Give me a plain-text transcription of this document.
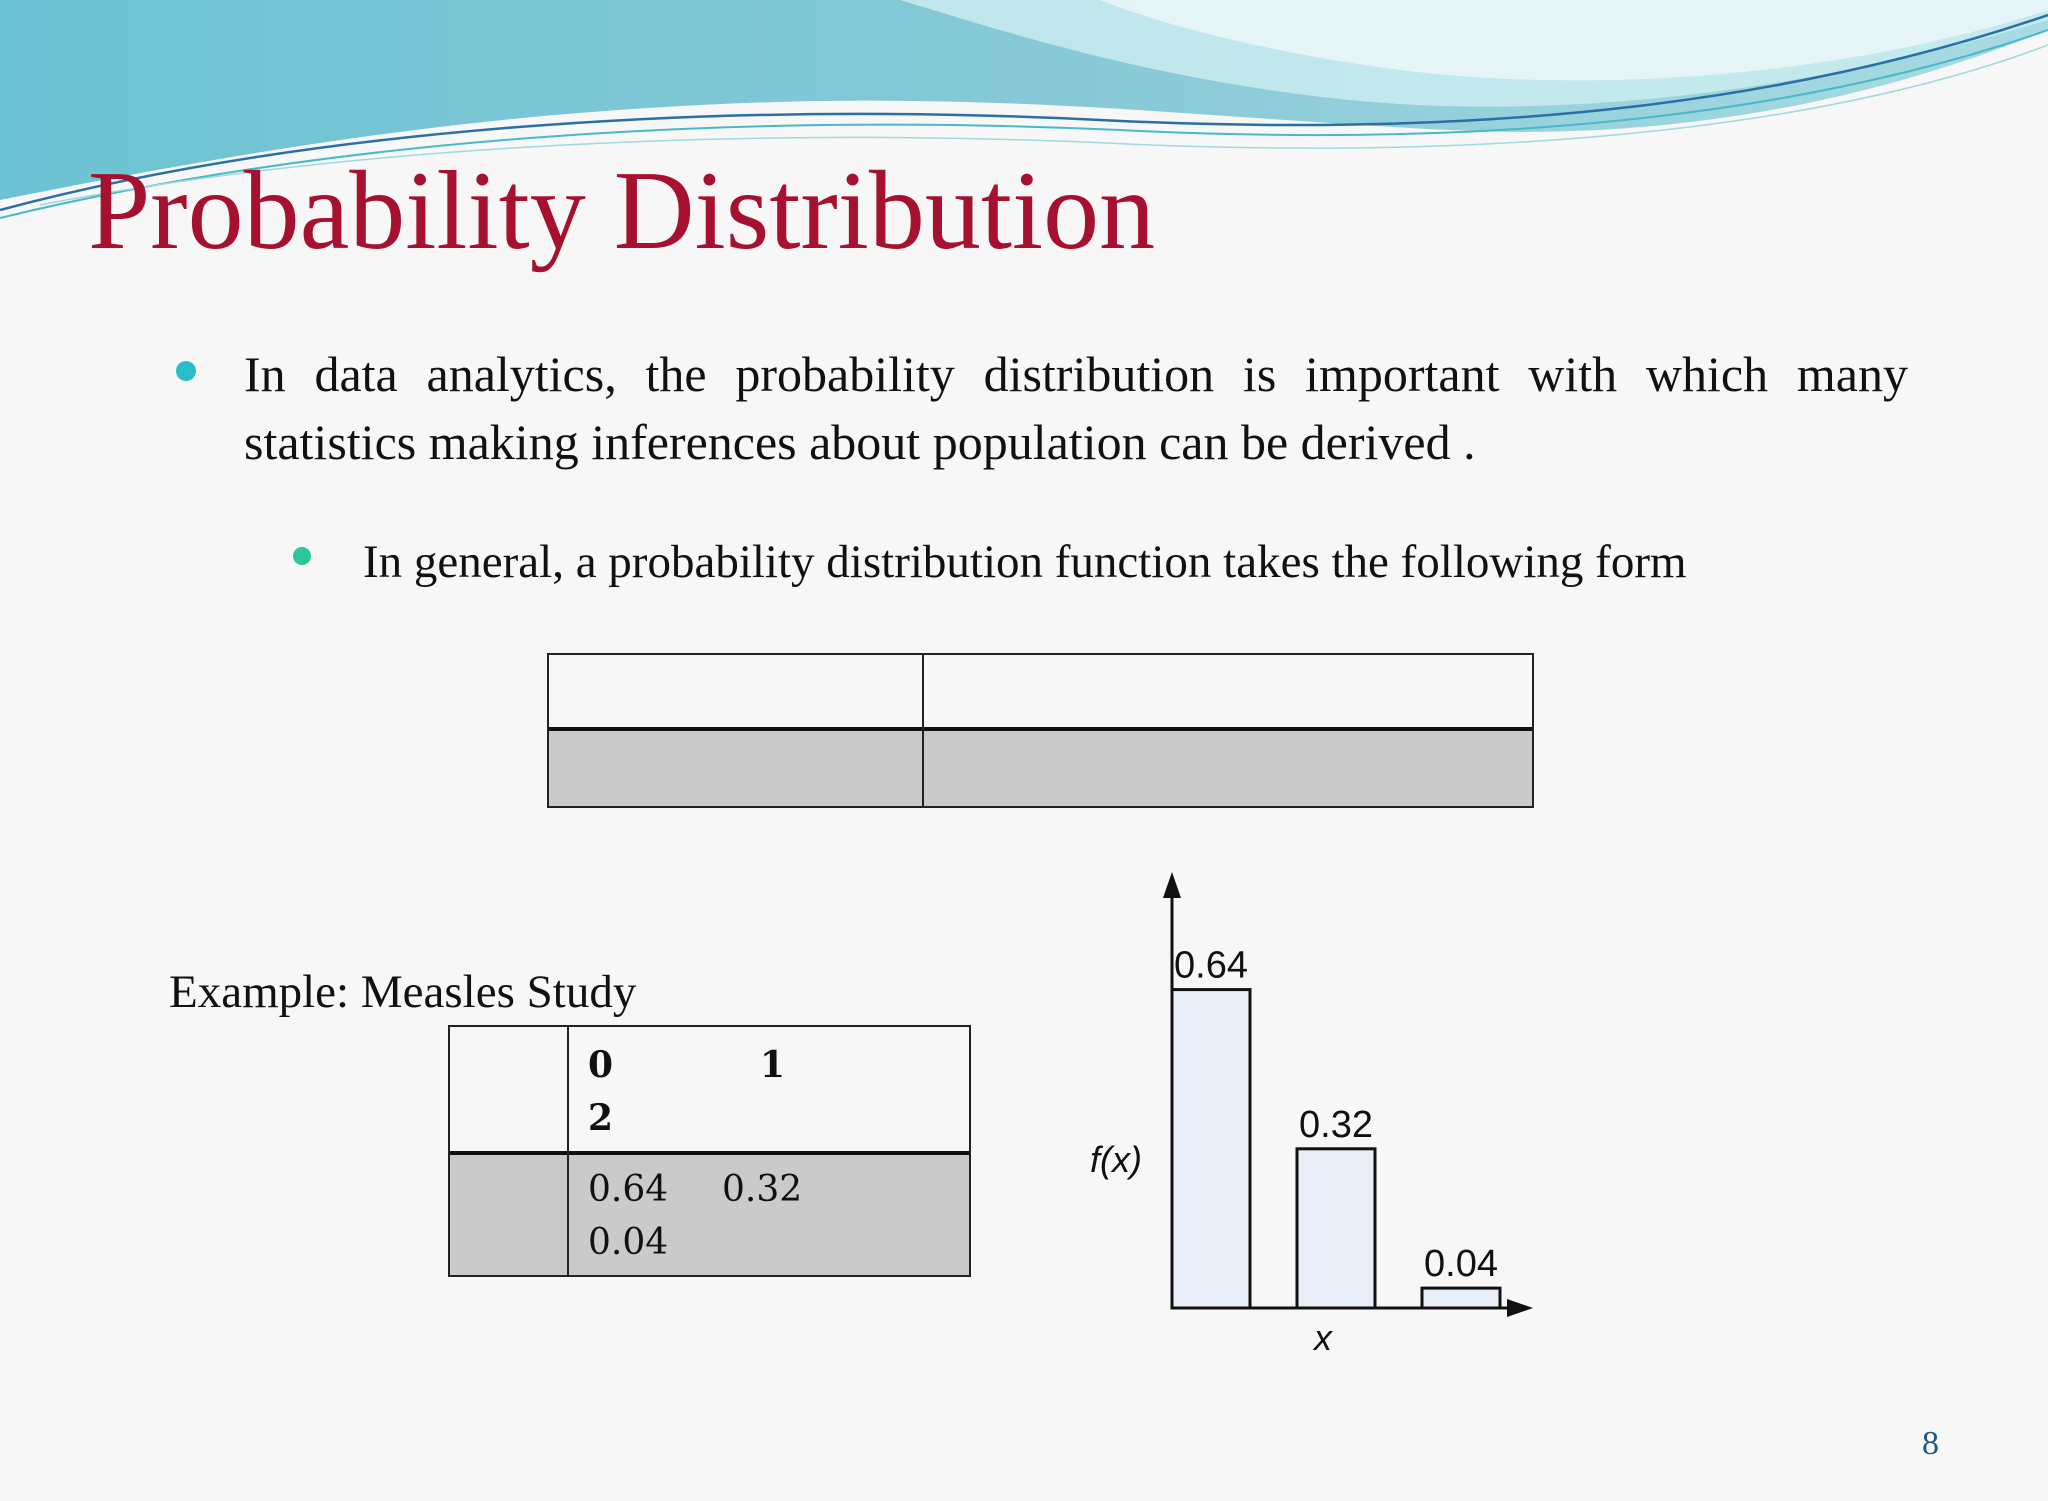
Probability Distribution
In data analytics, the probability distribution is important with which many statistics making inferences about population can be derived .
In general, a probability distribution function takes the following form
Example: Measles Study
0	1
2
0.64 0.32
0.04
0.64
0.32
0.04
f(x)
x
8
